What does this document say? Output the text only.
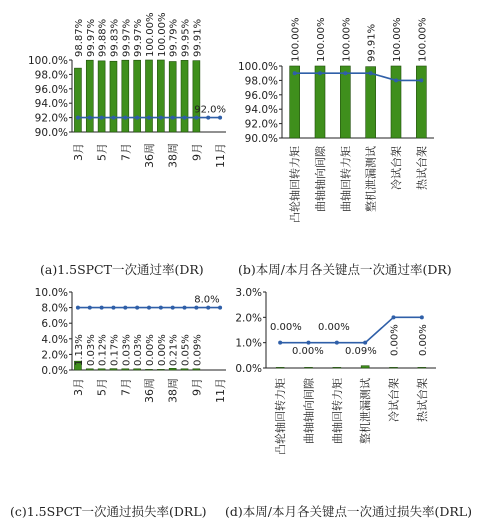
100.0%
98.0%
96.0%
94.0%
92.0%
90.0%
92.0%
98.87% 99.97% 99.88% 99.83% 99.97% 99.97% 100.00% 100.00% 99.79% 99.95% 99.91%
3月 5月 7月 36周 38周 9月 11月
100.0%
98.0%
96.0%
94.0%
92.0%
90.0%
100.00% 100.00% 100.00% 99.91% 100.00% 100.00%
凸轮轴回转力矩 曲轴轴向间隙 曲轴回转力矩 整机泄漏测试 冷试台架 热试台架
10.0%
8.0%
6.0%
4.0%
2.0%
0.0%
8.0%
1.13% 0.03% 0.12% 0.17% 0.03% 0.03% 0.00% 0.00% 0.21% 0.05% 0.09%
3月 5月 7月 36周 38周 9月 11月
3.0%
2.0%
1.0%
0.0%
0.00%
0.00%
0.00%
0.09% 0.00% 0.00%
凸轮轴回转力矩 曲轴轴向间隙 曲轴回转力矩 整机泄漏测试 冷试台架 热试台架
(a)1.5SPCT一次通过率(DR)	(b)本周/本月各关键点一次通过率(DR)
(c)1.5SPCT一次通过损失率(DRL) (d)本周/本月各关键点一次通过损失率(DRL)
